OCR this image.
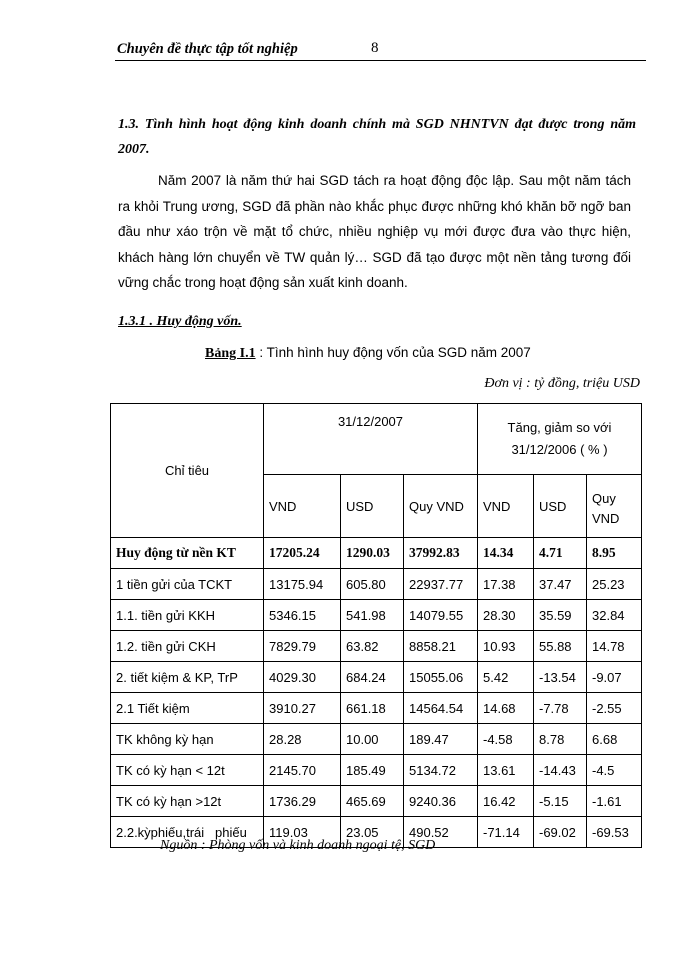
Chuyên đề thực tập tốt nghiệp	8
1.3. Tình hình hoạt động kinh doanh chính mà SGD NHNTVN đạt được trong năm 2007.
Năm 2007 là năm thứ hai SGD tách ra hoạt động độc lập. Sau một năm tách ra khỏi Trung ương, SGD đã phần nào khắc phục được những khó khăn bỡ ngỡ ban đầu như xáo trộn về mặt tổ chức, nhiều nghiệp vụ mới được đưa vào thực hiện, khách hàng lớn chuyển về TW quản lý… SGD đã tạo được một nền tảng tương đối vững chắc trong hoạt động sản xuất kinh doanh.
1.3.1 . Huy động vốn.
Bảng I.1 : Tình hình huy động vốn của SGD năm 2007
Đơn vị : tỷ đồng, triệu USD
Chỉ tiêu	31/12/2007			Tăng, giảm so với
31/12/2006 ( % )		

	VND	USD	Quy VND	VND	USD	Quy VND
Huy động từ nền KT	17205.24	1290.03	37992.83	14.34	4.71	8.95
1 tiền gửi của TCKT	13175.94	605.80	22937.77	17.38	37.47	25.23
1.1. tiền gửi KKH	5346.15	541.98	14079.55	28.30	35.59	32.84
1.2. tiền gửi CKH	7829.79	63.82	8858.21	10.93	55.88	14.78
2. tiết kiệm & KP, TrP	4029.30	684.24	15055.06	5.42	-13.54	-9.07
2.1 Tiết kiệm	3910.27	661.18	14564.54	14.68	-7.78	-2.55
TK không kỳ hạn	28.28	10.00	189.47	-4.58	8.78	6.68
TK có kỳ hạn < 12t	2145.70	185.49	5134.72	13.61	-14.43	-4.5
TK có kỳ hạn >12t	1736.29	465.69	9240.36	16.42	-5.15	-1.61
2.2.kỳphiếu,trái   phiếu	119.03	23.05	490.52	-71.14	-69.02	-69.53
Nguồn : Phòng vốn và kinh doanh ngoại tệ, SGD
